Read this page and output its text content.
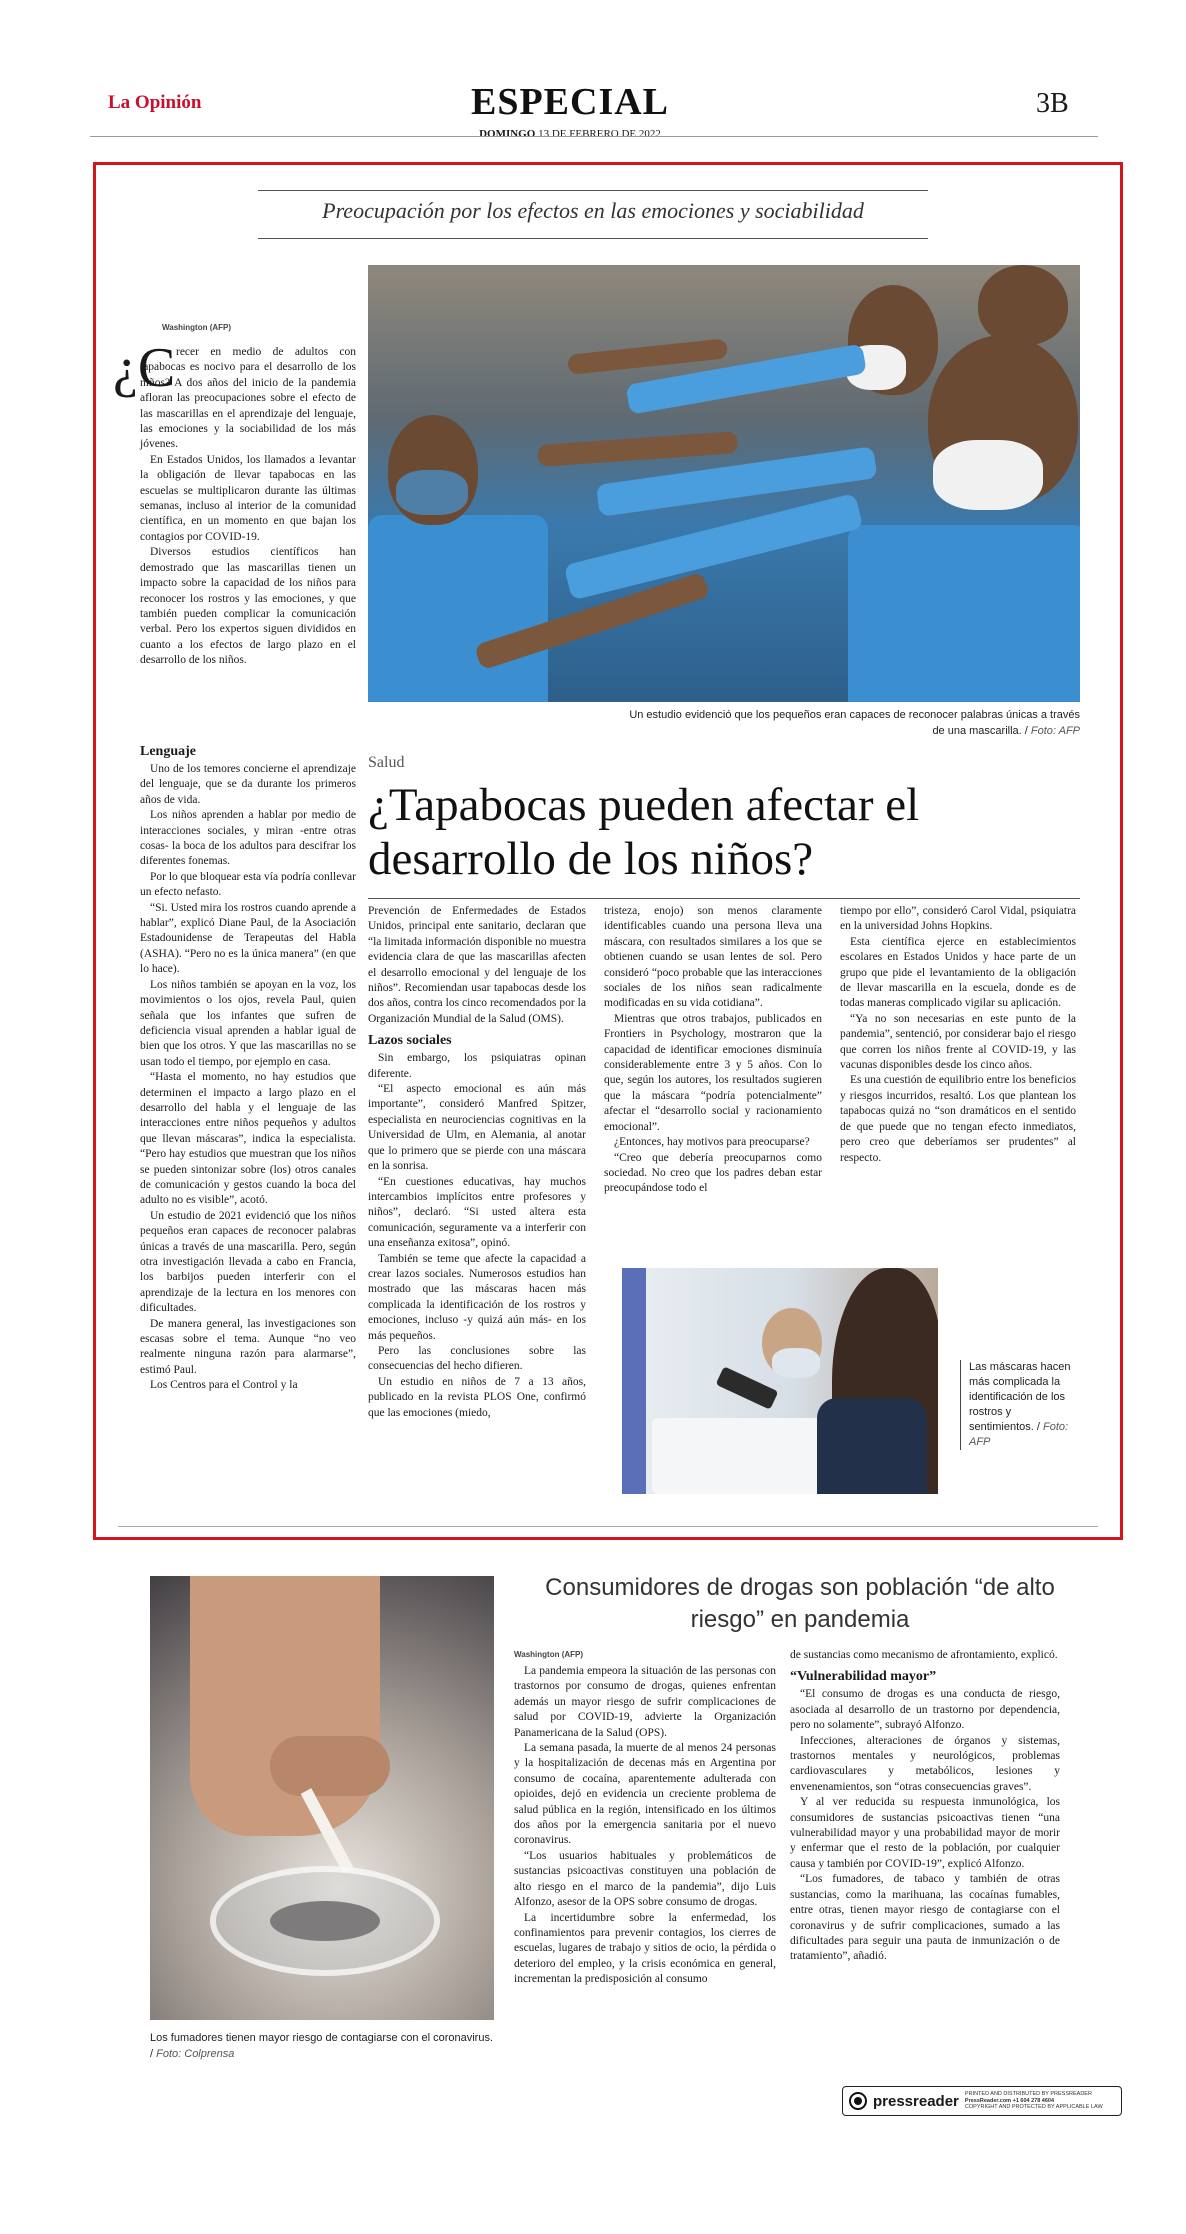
La Opinión	ESPECIAL
DOMINGO 13 DE FEBRERO DE 2022
3B
Preocupación por los efectos en las emociones y sociabilidad
Un estudio evidenció que los pequeños eran capaces de reconocer palabras únicas a través de una mascarilla. / Foto: AFP
Washington (AFP)
¿C recer en medio de adultos con tapabocas es nocivo para el desarrollo de los niños? A dos años del inicio de la pandemia afloran las preocupaciones sobre el efecto de las mascarillas en el aprendizaje del lenguaje, las emociones y la sociabilidad de los más jóvenes.

En Estados Unidos, los llamados a levantar la obligación de llevar tapabocas en las escuelas se multiplicaron durante las últimas semanas, incluso al interior de la comunidad científica, en un momento en que bajan los contagios por COVID-19.

Diversos estudios científicos han demostrado que las mascarillas tienen un impacto sobre la capacidad de los niños para reconocer los rostros y las emociones, y que también pueden complicar la comunicación verbal. Pero los expertos siguen divididos en cuanto a los efectos de largo plazo en el desarrollo de los niños.

Lenguaje

Uno de los temores concierne el aprendizaje del lenguaje, que se da durante los primeros años de vida.

Los niños aprenden a hablar por medio de interacciones sociales, y miran -entre otras cosas- la boca de los adultos para descifrar los diferentes fonemas.

Por lo que bloquear esta vía podría conllevar un efecto nefasto.

“Si. Usted mira los rostros cuando aprende a hablar”, explicó Diane Paul, de la Asociación Estadounidense de Terapeutas del Habla (ASHA). “Pero no es la única manera” (en que lo hace).

Los niños también se apoyan en la voz, los movimientos o los ojos, revela Paul, quien señala que los infantes que sufren de deficiencia visual aprenden a hablar igual de bien que los otros. Y que las mascarillas no se usan todo el tiempo, por ejemplo en casa.

“Hasta el momento, no hay estudios que determinen el impacto a largo plazo en el desarrollo del habla y el lenguaje de las interacciones entre niños pequeños y adultos que llevan máscaras”, indica la especialista. “Pero hay estudios que muestran que los niños se pueden sintonizar sobre (los) otros canales de comunicación y gestos cuando la boca del adulto no es visible”, acotó.

Un estudio de 2021 evidenció que los niños pequeños eran capaces de reconocer palabras únicas a través de una mascarilla. Pero, según otra investigación llevada a cabo en Francia, los barbijos pueden interferir con el aprendizaje de la lectura en los menores con dificultades.

De manera general, las investigaciones son escasas sobre el tema. Aunque “no veo realmente ninguna razón para alarmarse”, estimó Paul.

Los Centros para el Control y la

Salud
¿Tapabocas pueden afectar el desarrollo de los niños?

Prevención de Enfermedades de Estados Unidos, principal ente sanitario, declaran que “la limitada información disponible no muestra evidencia clara de que las mascarillas afecten el desarrollo emocional y del lenguaje de los niños”. Recomiendan usar tapabocas desde los dos años, contra los cinco recomendados por la Organización Mundial de la Salud (OMS).

Lazos sociales

Sin embargo, los psiquiatras opinan diferente.

“El aspecto emocional es aún más importante”, consideró Manfred Spitzer, especialista en neurociencias cognitivas en la Universidad de Ulm, en Alemania, al anotar que lo primero que se pierde con una máscara en la sonrisa.

“En cuestiones educativas, hay muchos intercambios implícitos entre profesores y niños”, declaró. “Si usted altera esta comunicación, seguramente va a interferir con una enseñanza exitosa”, opinó.

También se teme que afecte la capacidad a crear lazos sociales. Numerosos estudios han mostrado que las máscaras hacen más complicada la identificación de los rostros y emociones, incluso -y quizá aún más- en los más pequeños.

Pero las conclusiones sobre las consecuencias del hecho difieren.

Un estudio en niños de 7 a 13 años, publicado en la revista PLOS One, confirmó que las emociones (miedo,

tristeza, enojo) son menos claramente identificables cuando una persona lleva una máscara, con resultados similares a los que se obtienen cuando se usan lentes de sol. Pero consideró “poco probable que las interacciones sociales de los niños sean radicalmente modificadas en su vida cotidiana”.

Mientras que otros trabajos, publicados en Frontiers in Psychology, mostraron que la capacidad de identificar emociones disminuía considerablemente entre 3 y 5 años. Con lo que, según los autores, los resultados sugieren que la máscara “podría potencialmente” afectar el “desarrollo social y racionamiento emocional”.

¿Entonces, hay motivos para preocuparse?

“Creo que debería preocuparnos como sociedad. No creo que los padres deban estar preocupándose todo el

tiempo por ello”, consideró Carol Vidal, psiquiatra en la universidad Johns Hopkins.

Esta científica ejerce en establecimientos escolares en Estados Unidos y hace parte de un grupo que pide el levantamiento de la obligación de llevar mascarilla en la escuela, donde es de todas maneras complicado vigilar su aplicación.

“Ya no son necesarias en este punto de la pandemia”, sentenció, por considerar bajo el riesgo que corren los niños frente al COVID-19, y las vacunas disponibles desde los cinco años.

Es una cuestión de equilibrio entre los beneficios y riesgos incurridos, resaltó. Los que plantean los tapabocas quizá no “son dramáticos en el sentido de que puede que no tengan efecto inmediatos, pero creo que deberíamos ser prudentes” al respecto.

Las máscaras hacen más complicada la identificación de los rostros y sentimientos. / Foto: AFP
Los fumadores tienen mayor riesgo de contagiarse con el coronavirus. / Foto: Colprensa
Consumidores de drogas son población “de alto riesgo” en pandemia
Washington (AFP)

La pandemia empeora la situación de las personas con trastornos por consumo de drogas, quienes enfrentan además un mayor riesgo de sufrir complicaciones de salud por COVID-19, advierte la Organización Panamericana de la Salud (OPS).

La semana pasada, la muerte de al menos 24 personas y la hospitalización de decenas más en Argentina por consumo de cocaína, aparentemente adulterada con opioides, dejó en evidencia un creciente problema de salud pública en la región, intensificado en los últimos dos años por la emergencia sanitaria por el nuevo coronavirus.

“Los usuarios habituales y problemáticos de sustancias psicoactivas constituyen una población de alto riesgo en el marco de la pandemia”, dijo Luis Alfonzo, asesor de la OPS sobre consumo de drogas.

La incertidumbre sobre la enfermedad, los confinamientos para prevenir contagios, los cierres de escuelas, lugares de trabajo y sitios de ocio, la pérdida o deterioro del empleo, y la crisis económica en general, incrementan la predisposición al consumo

de sustancias como mecanismo de afrontamiento, explicó.

“Vulnerabilidad mayor”

“El consumo de drogas es una conducta de riesgo, asociada al desarrollo de un trastorno por dependencia, pero no solamente”, subrayó Alfonzo.

Infecciones, alteraciones de órganos y sistemas, trastornos mentales y neurológicos, problemas cardiovasculares y metabólicos, lesiones y envenenamientos, son “otras consecuencias graves”.

Y al ver reducida su respuesta inmunológica, los consumidores de sustancias psicoactivas tienen “una vulnerabilidad mayor y una probabilidad mayor de morir y enfermar que el resto de la población, por cualquier causa y también por COVID-19”, explicó Alfonzo.

“Los fumadores, de tabaco y también de otras sustancias, como la marihuana, las cocaínas fumables, entre otras, tienen mayor riesgo de contagiarse con el coronavirus y de sufrir complicaciones, sumado a las dificultades para seguir una pauta de inmunización o de tratamiento”, añadió.

pressreader PRINTED AND DISTRIBUTED BY PRESSREADER
PressReader.com +1 604 278 4604
COPYRIGHT AND PROTECTED BY APPLICABLE LAW
